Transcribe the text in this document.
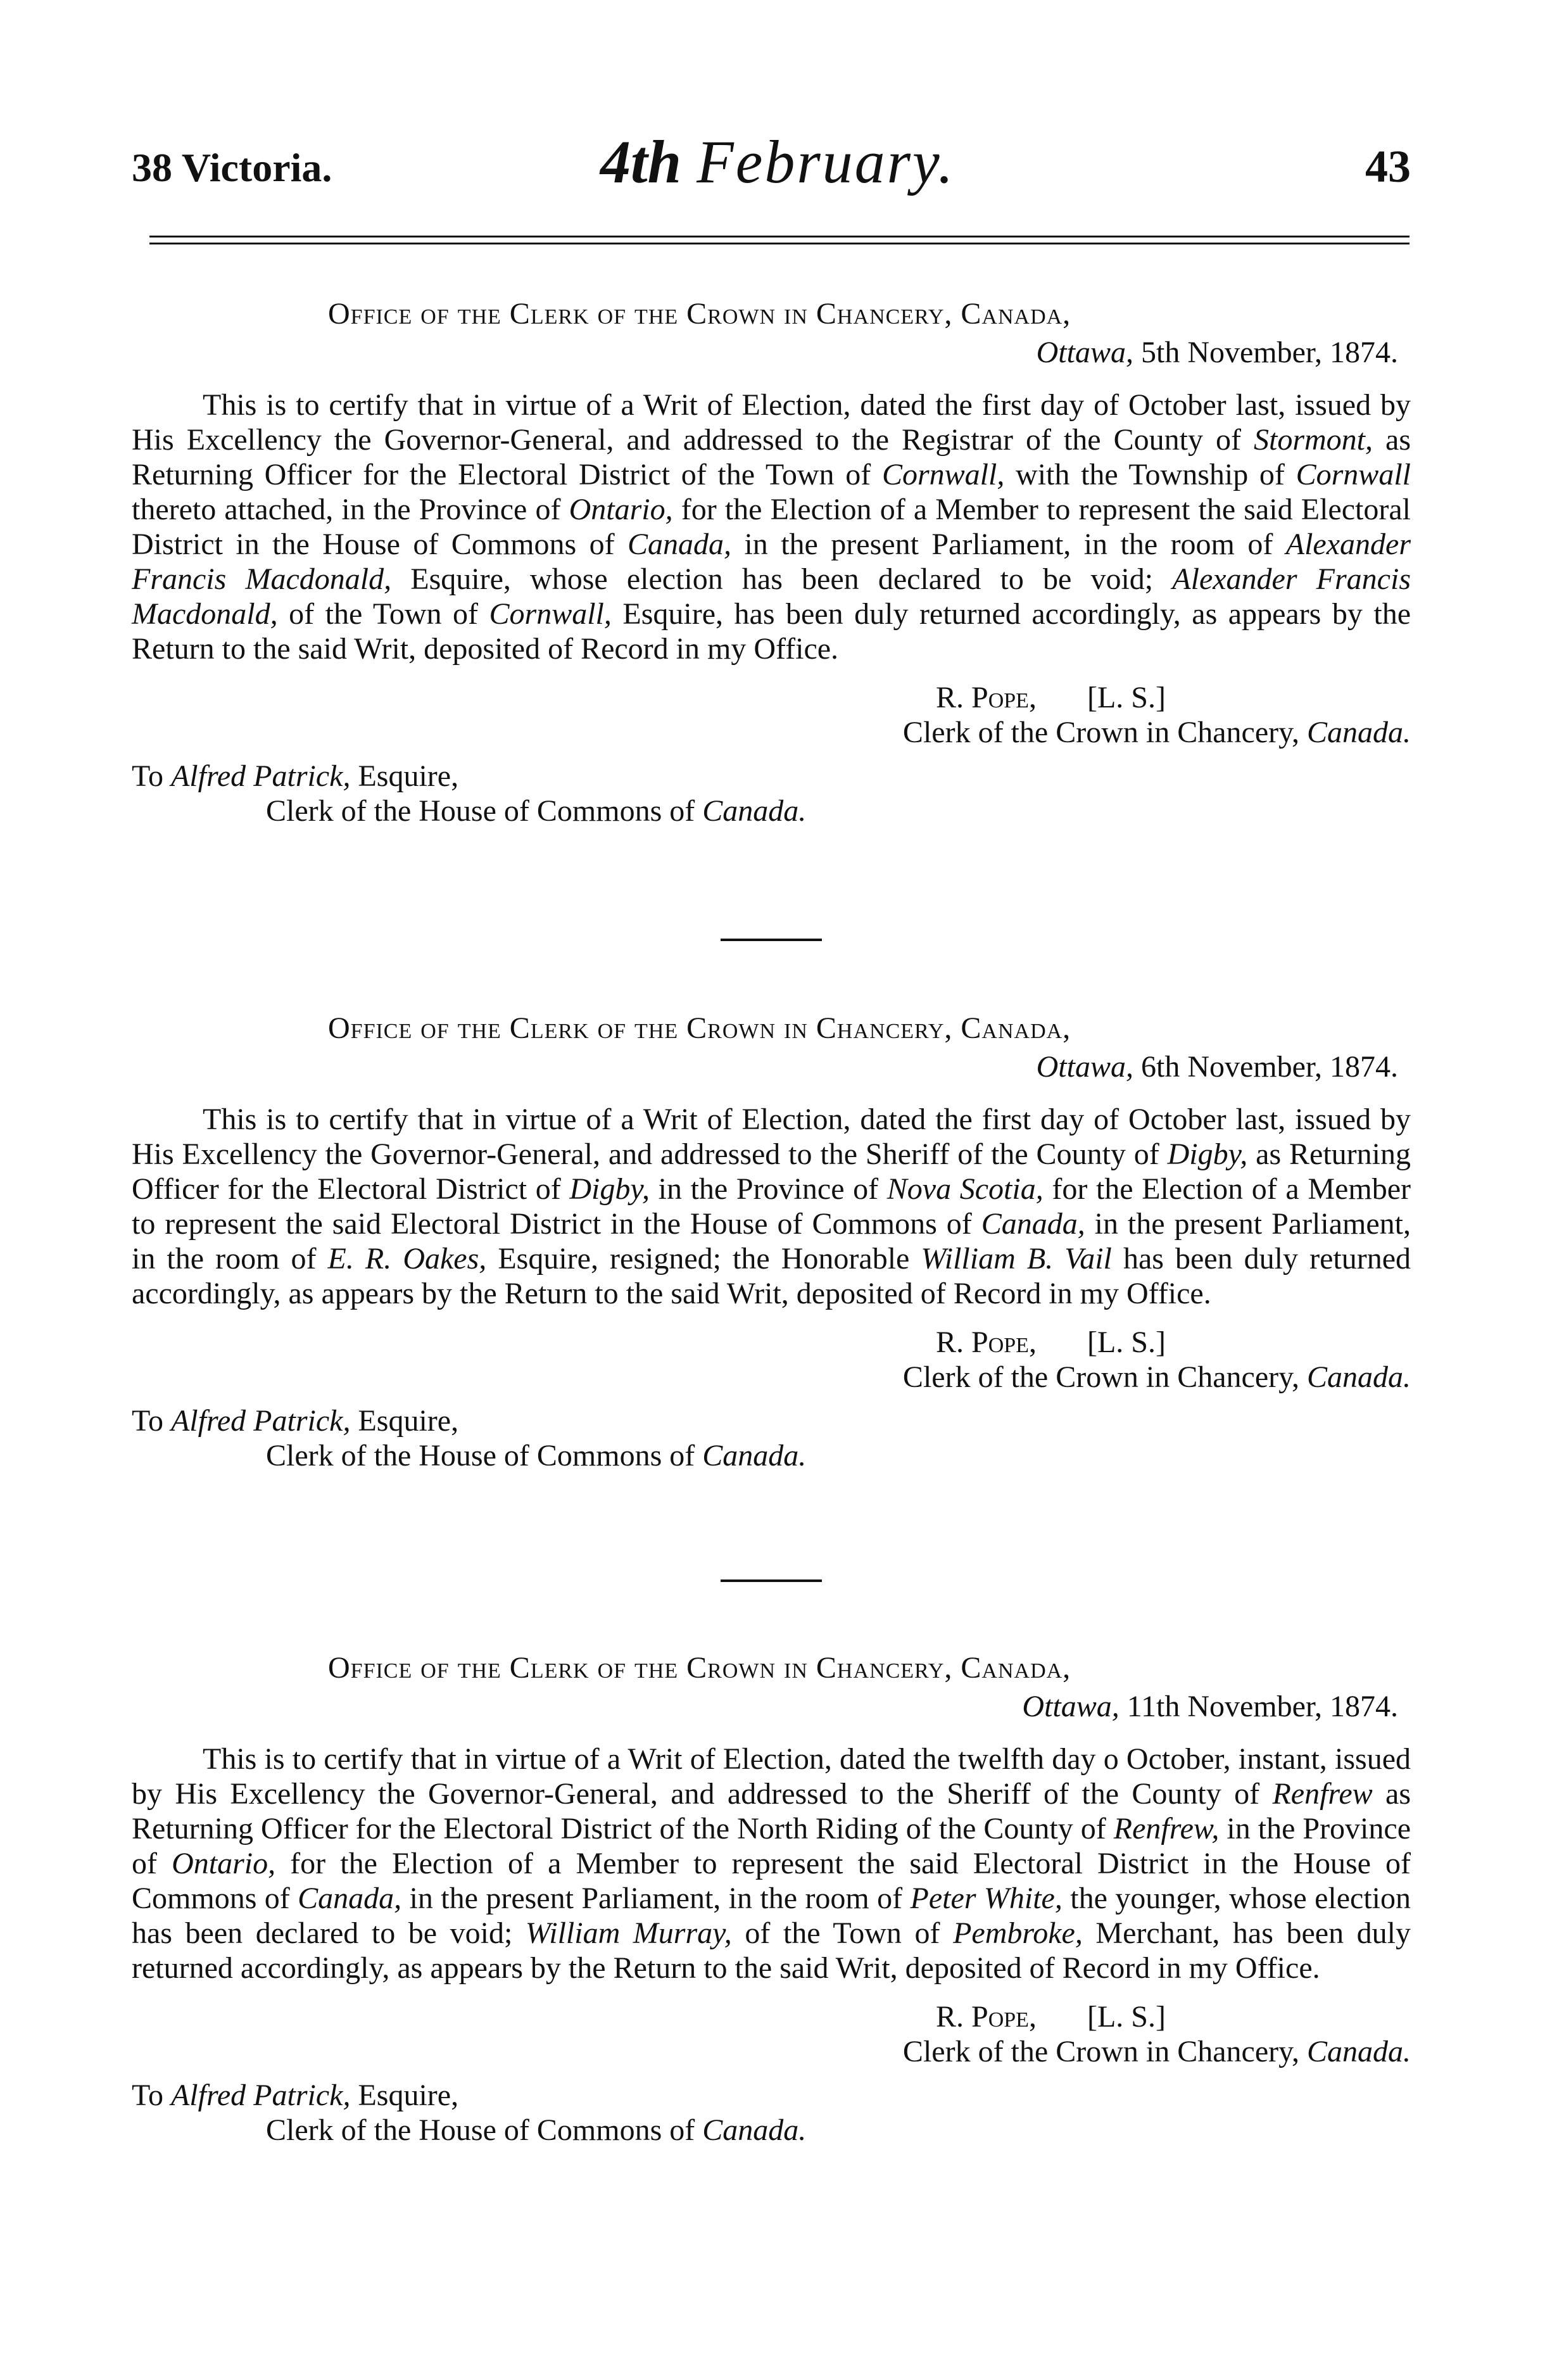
38 Victoria.	4th February.	43
Office of the Clerk of the Crown in Chancery, Canada,
Ottawa, 5th November, 1874.
This is to certify that in virtue of a Writ of Election, dated the first day of October last, issued by His Excellency the Governor-General, and addressed to the Registrar of the County of Stormont, as Returning Officer for the Electoral District of the Town of Cornwall, with the Township of Cornwall thereto attached, in the Province of Ontario, for the Election of a Member to represent the said Electoral District in the House of Commons of Canada, in the present Parliament, in the room of Alexander Francis Macdonald, Esquire, whose election has been declared to be void; Alexander Francis Macdonald, of the Town of Cornwall, Esquire, has been duly returned accordingly, as appears by the Return to the said Writ, deposited of Record in my Office.
R. Pope, [L. S.]
Clerk of the Crown in Chancery, Canada.
To Alfred Patrick, Esquire,
Clerk of the House of Commons of Canada.
Office of the Clerk of the Crown in Chancery, Canada,
Ottawa, 6th November, 1874.
This is to certify that in virtue of a Writ of Election, dated the first day of October last, issued by His Excellency the Governor-General, and addressed to the Sheriff of the County of Digby, as Returning Officer for the Electoral District of Digby, in the Province of Nova Scotia, for the Election of a Member to represent the said Electoral District in the House of Commons of Canada, in the present Parliament, in the room of E. R. Oakes, Esquire, resigned; the Honorable William B. Vail has been duly returned accordingly, as appears by the Return to the said Writ, deposited of Record in my Office.
R. Pope, [L. S.]
Clerk of the Crown in Chancery, Canada.
To Alfred Patrick, Esquire,
Clerk of the House of Commons of Canada.
Office of the Clerk of the Crown in Chancery, Canada,
Ottawa, 11th November, 1874.
This is to certify that in virtue of a Writ of Election, dated the twelfth day o October, instant, issued by His Excellency the Governor-General, and addressed to the Sheriff of the County of Renfrew as Returning Officer for the Electoral District of the North Riding of the County of Renfrew, in the Province of Ontario, for the Election of a Member to represent the said Electoral District in the House of Commons of Canada, in the present Parliament, in the room of Peter White, the younger, whose election has been declared to be void; William Murray, of the Town of Pembroke, Merchant, has been duly returned accordingly, as appears by the Return to the said Writ, deposited of Record in my Office.
R. Pope, [L. S.]
Clerk of the Crown in Chancery, Canada.
To Alfred Patrick, Esquire,
Clerk of the House of Commons of Canada.
